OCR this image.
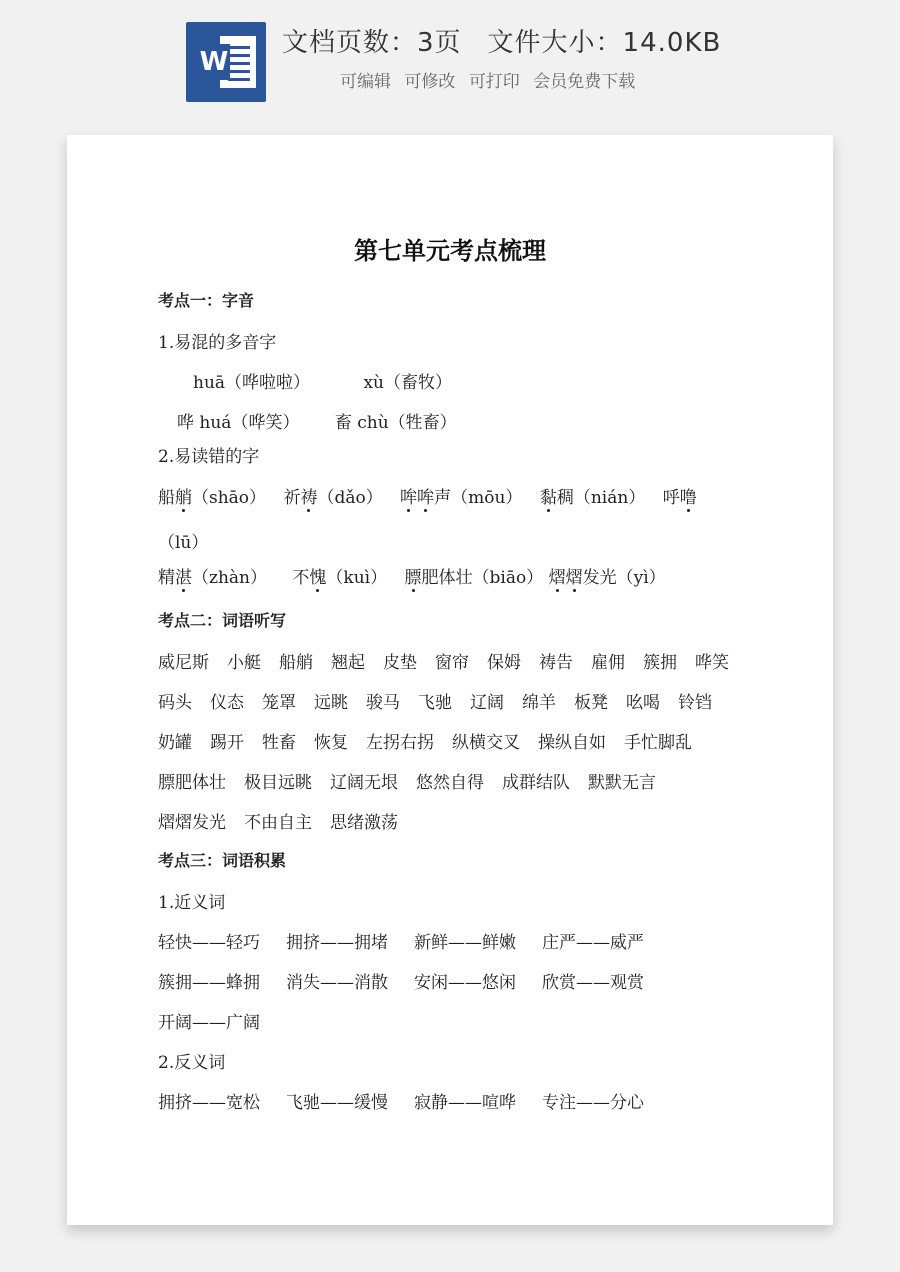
W
文档页数：3页 文件大小：14.0KB
可编辑 可修改 可打印 会员免费下载
第七单元考点梳理
考点一：字音
1.易混的多音字
huā（哗啦啦）	xù（畜牧）
哗 huá（哗笑） 畜 chù（牲畜）
2.易读错的字
船艄（shāo） 祈祷（dǎo） 哞哞声（mōu） 黏稠（nián） 呼噜
（lū）
精湛（zhàn） 不愧（kuì） 膘肥体壮（biāo） 熠熠发光（yì）
考点二：词语听写
威尼斯 小艇 船艄 翘起 皮垫 窗帘 保姆 祷告 雇佣 簇拥 哗笑
码头 仪态 笼罩 远眺 骏马 飞驰 辽阔 绵羊 板凳 吆喝 铃铛
奶罐 踢开 牲畜 恢复 左拐右拐 纵横交叉 操纵自如 手忙脚乱
膘肥体壮 极目远眺 辽阔无垠 悠然自得 成群结队 默默无言
熠熠发光 不由自主 思绪激荡
考点三：词语积累
1.近义词
轻快——轻巧 拥挤——拥堵 新鲜——鲜嫩 庄严——威严
簇拥——蜂拥 消失——消散 安闲——悠闲 欣赏——观赏
开阔——广阔
2.反义词
拥挤——宽松 飞驰——缓慢 寂静——喧哗 专注——分心
